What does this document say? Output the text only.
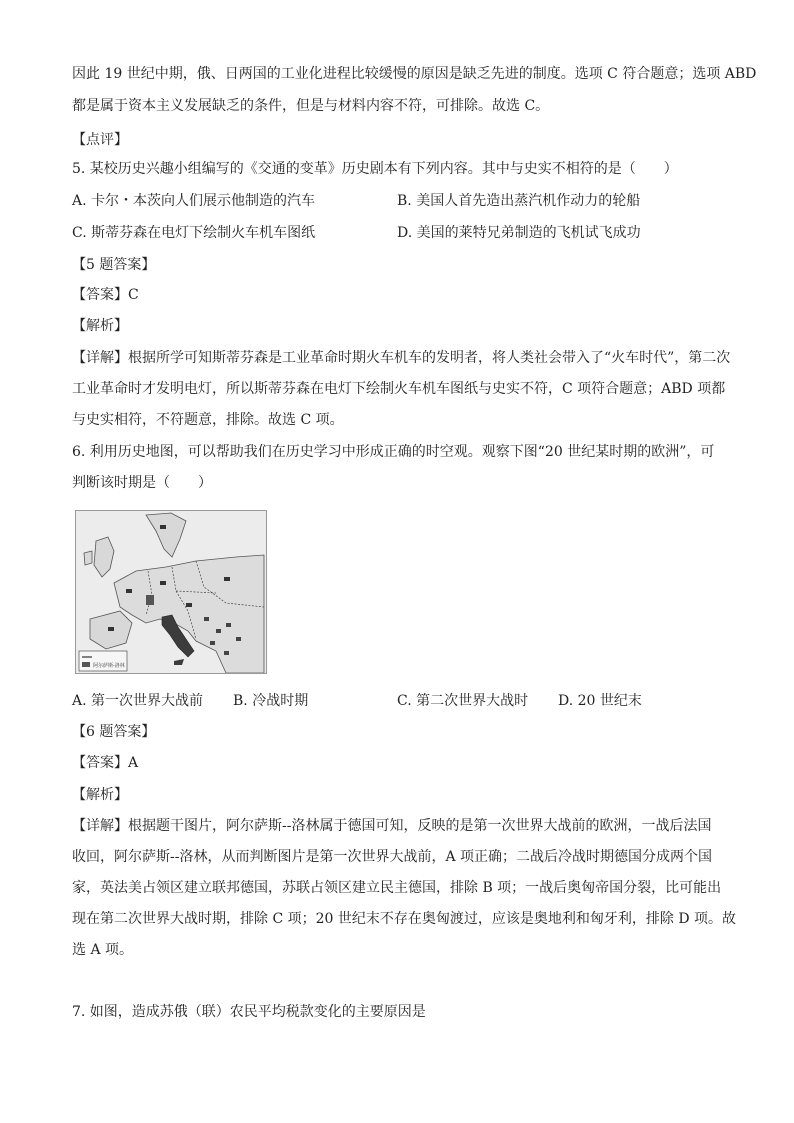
因此 19 世纪中期，俄、日两国的工业化进程比较缓慢的原因是缺乏先进的制度。选项 C 符合题意；选项 ABD
都是属于资本主义发展缺乏的条件，但是与材料内容不符，可排除。故选 C。
【点评】
5. 某校历史兴趣小组编写的《交通的变革》历史剧本有下列内容。其中与史实不相符的是（　　）
A. 卡尔・本茨向人们展示他制造的汽车	B. 美国人首先造出蒸汽机作动力的轮船
C. 斯蒂芬森在电灯下绘制火车机车图纸	D. 美国的莱特兄弟制造的飞机试飞成功
【5 题答案】
【答案】C
【解析】
【详解】根据所学可知斯蒂芬森是工业革命时期火车机车的发明者，将人类社会带入了“火车时代”，第二次
工业革命时才发明电灯，所以斯蒂芬森在电灯下绘制火车机车图纸与史实不符，C 项符合题意；ABD 项都
与史实相符，不符题意，排除。故选 C 项。
6. 利用历史地图，可以帮助我们在历史学习中形成正确的时空观。观察下图“20 世纪某时期的欧洲”，可
判断该时期是（　　）
阿尔萨斯-洛林
A. 第一次世界大战前 B. 冷战时期	C. 第二次世界大战时 D. 20 世纪末
【6 题答案】
【答案】A
【解析】
【详解】根据题干图片，阿尔萨斯--洛林属于德国可知，反映的是第一次世界大战前的欧洲，一战后法国
收回，阿尔萨斯--洛林，从而判断图片是第一次世界大战前，A 项正确；二战后冷战时期德国分成两个国
家，英法美占领区建立联邦德国，苏联占领区建立民主德国，排除 B 项；一战后奥匈帝国分裂，比可能出
现在第二次世界大战时期，排除 C 项；20 世纪末不存在奥匈渡过，应该是奥地利和匈牙利，排除 D 项。故
选 A 项。
7. 如图，造成苏俄（联）农民平均税款变化的主要原因是
